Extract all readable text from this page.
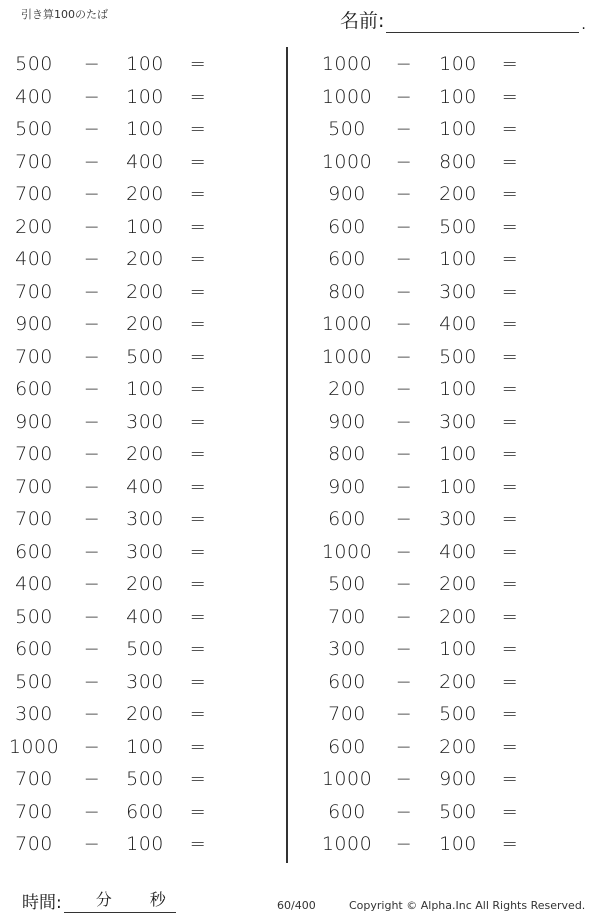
引き算100のたば	名前:	.
500	−	100	=
400	−	100	=
500	−	100	=
700	−	400	=
700	−	200	=
200	−	100	=
400	−	200	=
700	−	200	=
900	−	200	=
700	−	500	=
600	−	100	=
900	−	300	=
700	−	200	=
700	−	400	=
700	−	300	=
600	−	300	=
400	−	200	=
500	−	400	=
600	−	500	=
500	−	300	=
300	−	200	=
1000 −	100	=
700	−	500	=
700	−	600	=
700	−	100	=
1000 −	100	=
1000 −	100	=
500	−	100	=
1000 −	800	=
900	−	200	=
600	−	500	=
600	−	100	=
800	−	300	=
1000 −	400	=
1000 −	500	=
200	−	100	=
900	−	300	=
800	−	100	=
900	−	100	=
600	−	300	=
1000 −	400	=
500	−	200	=
700	−	200	=
300	−	100	=
600	−	200	=
700	−	500	=
600	−	200	=
1000 −	900	=
600	−	500	=
1000 −	100	=
時間: 分 秒	60/400	Copyright © Alpha.Inc All Rights Reserved.
